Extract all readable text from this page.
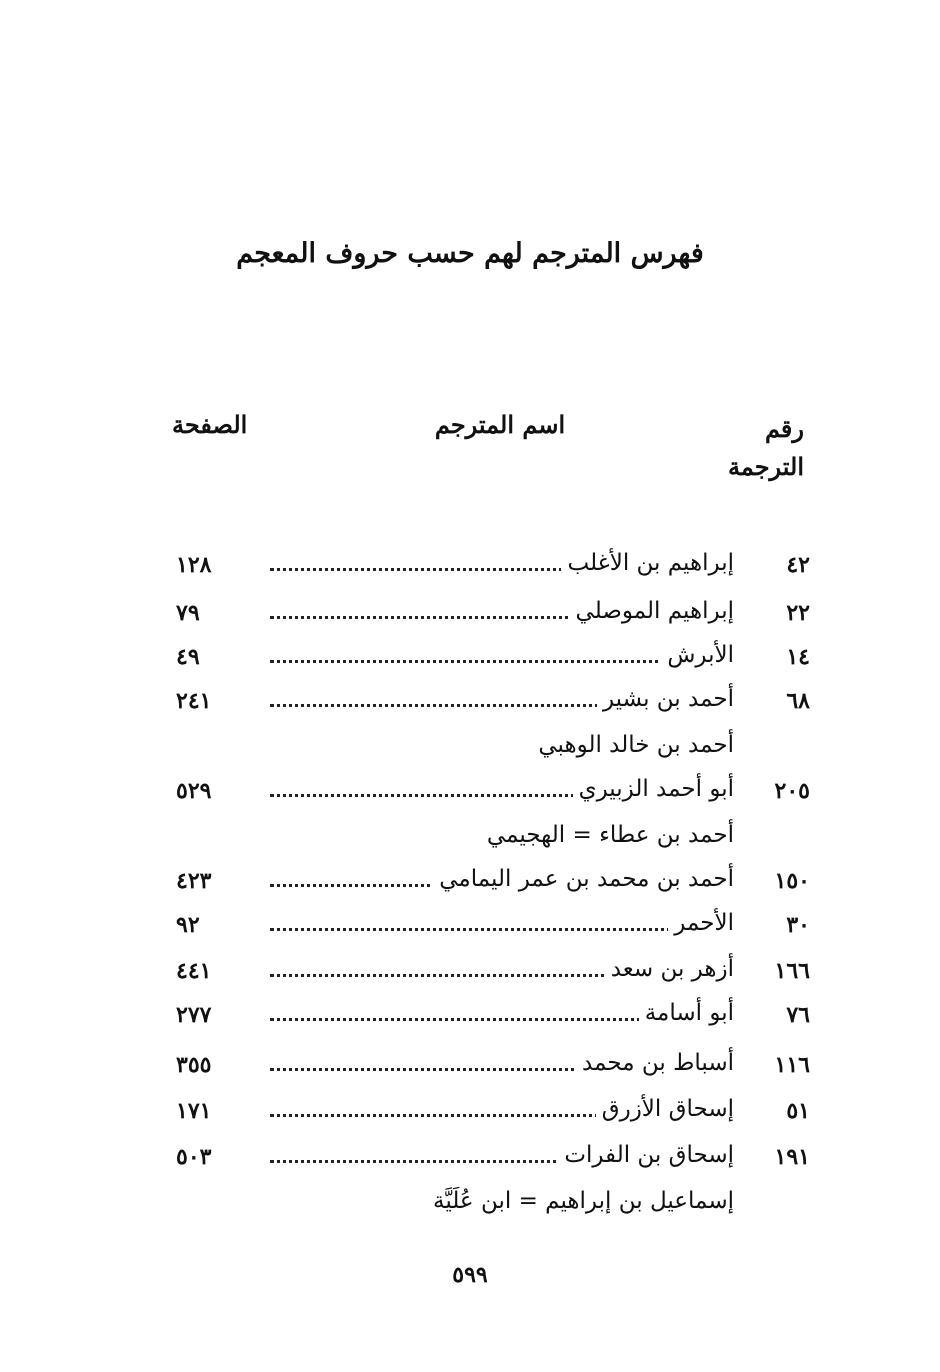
فهرس المترجم لهم حسب حروف المعجم
رقم الترجمة
اسم المترجم
الصفحة
٤٢
إبراهيم بن الأغلب
١٢٨
٢٢
إبراهيم الموصلي
٧٩
١٤
الأبرش
٤٩
٦٨
أحمد بن بشير
٢٤١
أحمد بن خالد الوهبي
٢٠٥
أبو أحمد الزبيري
٥٢٩
أحمد بن عطاء = الهجيمي
١٥٠
أحمد بن محمد بن عمر اليمامي
٤٢٣
٣٠
الأحمر
٩٢
١٦٦
أزهر بن سعد
٤٤١
٧٦
أبو أسامة
٢٧٧
١١٦
أسباط بن محمد
٣٥٥
٥١
إسحاق الأزرق
١٧١
١٩١
إسحاق بن الفرات
٥٠٣
إسماعيل بن إبراهيم = ابن عُلَيَّة
٥٩٩
